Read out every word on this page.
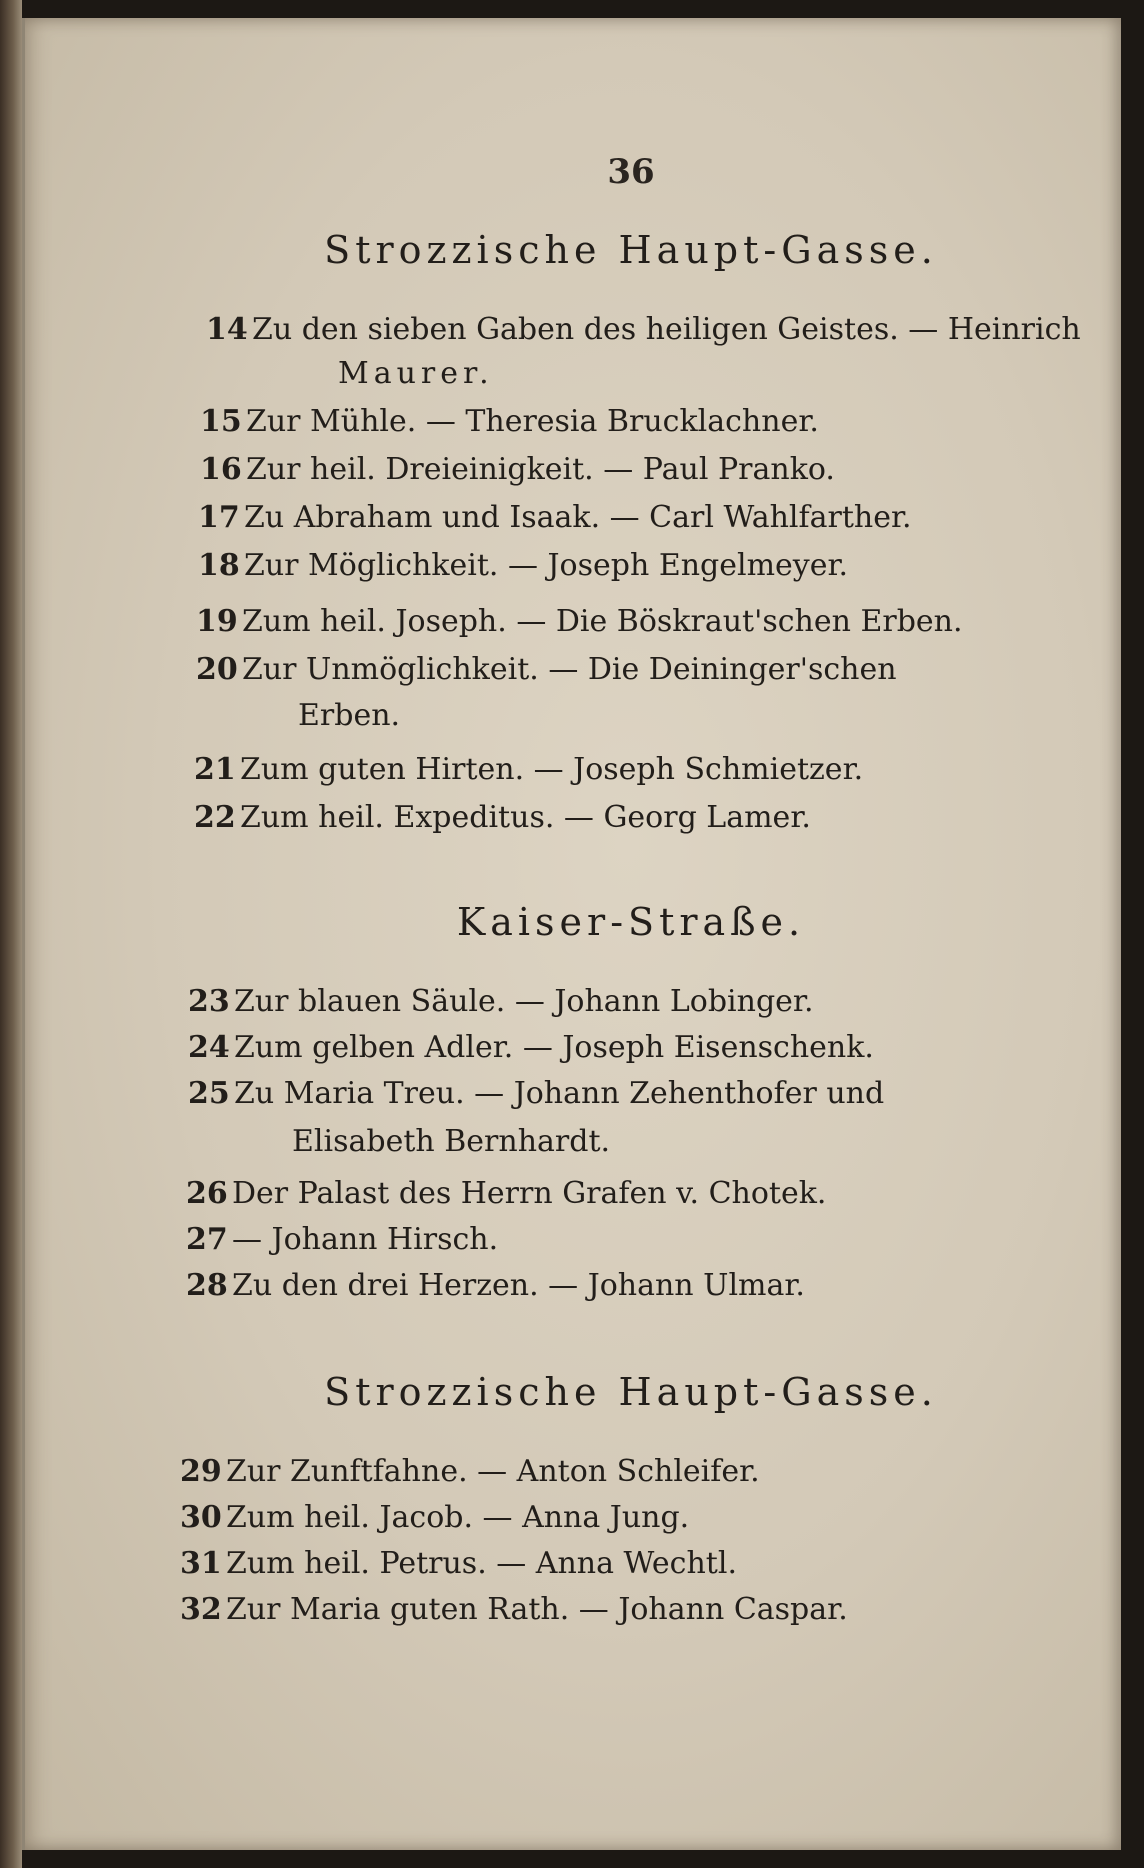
36
Strozzische Haupt-Gasse.
14 Zu den sieben Gaben des heiligen Geistes. — Heinrich
Maurer.
15 Zur Mühle. — Theresia Brucklachner.
16 Zur heil. Dreieinigkeit. — Paul Pranko.
17 Zu Abraham und Isaak. — Carl Wahlfarther.
18 Zur Möglichkeit. — Joseph Engelmeyer.
19 Zum heil. Joseph. — Die Böskraut'schen Erben.
20 Zur Unmöglichkeit. — Die Deininger'schen
Erben.
21 Zum guten Hirten. — Joseph Schmietzer.
22 Zum heil. Expeditus. — Georg Lamer.
Kaiser-Straße.
23 Zur blauen Säule. — Johann Lobinger.
24 Zum gelben Adler. — Joseph Eisenschenk.
25 Zu Maria Treu. — Johann Zehenthofer und
Elisabeth Bernhardt.
26 Der Palast des Herrn Grafen v. Chotek.
27 — Johann Hirsch.
28 Zu den drei Herzen. — Johann Ulmar.
Strozzische Haupt-Gasse.
29 Zur Zunftfahne. — Anton Schleifer.
30 Zum heil. Jacob. — Anna Jung.
31 Zum heil. Petrus. — Anna Wechtl.
32 Zur Maria guten Rath. — Johann Caspar.
